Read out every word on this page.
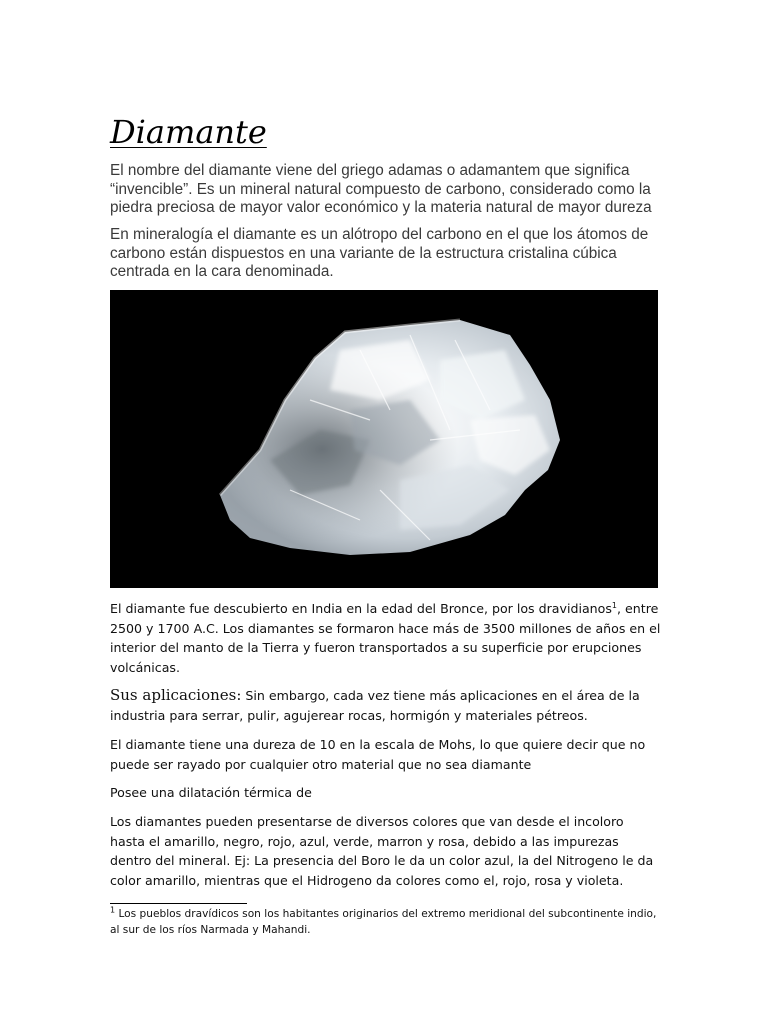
Diamante

El nombre del diamante viene del griego adamas o adamantem que significa “invencible”. Es un mineral natural compuesto de carbono, considerado como la piedra preciosa de mayor valor económico y la materia natural de mayor dureza

En mineralogía el diamante es un alótropo del carbono en el que los átomos de carbono están dispuestos en una variante de la estructura cristalina cúbica centrada en la cara denominada.

El diamante fue descubierto en India en la edad del Bronce, por los dravidianos$^1$, entre 2500 y 1700 A.C. Los diamantes se formaron hace más de 3500 millones de años en el interior del manto de la Tierra y fueron transportados a su superficie por erupciones volcánicas.

Sus aplicaciones: Sin embargo, cada vez tiene más aplicaciones en el área de la industria para serrar, pulir, agujerear rocas, hormigón y materiales pétreos.

El diamante tiene una dureza de 10 en la escala de Mohs, lo que quiere decir que no puede ser rayado por cualquier otro material que no sea diamante

Posee una dilatación térmica de

Los diamantes pueden presentarse de diversos colores que van desde el incoloro hasta el amarillo, negro, rojo, azul, verde, marron y rosa, debido a las impurezas dentro del mineral. Ej: La presencia del Boro le da un color azul, la del Nitrogeno le da color amarillo, mientras que el Hidrogeno da colores como el, rojo, rosa y violeta.

$^1$ Los pueblos dravídicos son los habitantes originarios del extremo meridional del subcontinente indio, al sur de los ríos Narmada y Mahandi.
